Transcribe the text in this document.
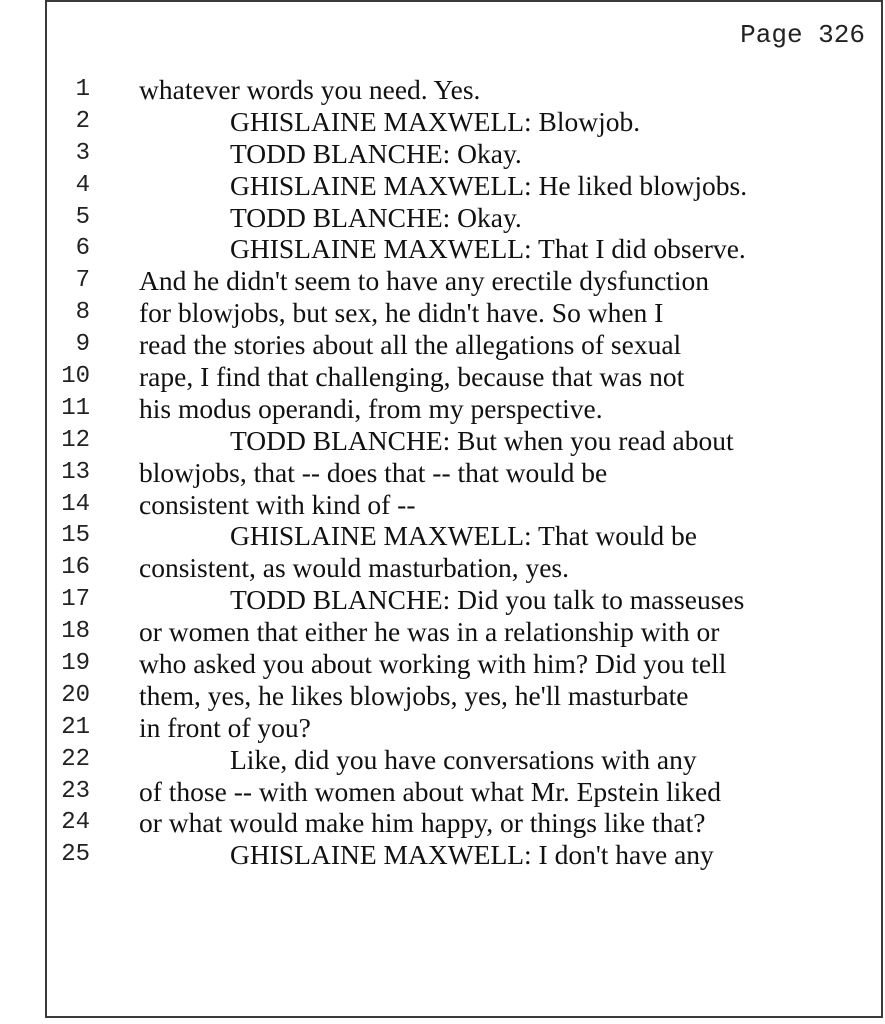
Page 326
1 whatever words you need. Yes.
2	GHISLAINE MAXWELL: Blowjob.
3	TODD BLANCHE: Okay.
4	GHISLAINE MAXWELL: He liked blowjobs.
5	TODD BLANCHE: Okay.
6	GHISLAINE MAXWELL: That I did observe.
7 And he didn't seem to have any erectile dysfunction
8 for blowjobs, but sex, he didn't have. So when I
9 read the stories about all the allegations of sexual
10 rape, I find that challenging, because that was not
11 his modus operandi, from my perspective.
12	TODD BLANCHE: But when you read about
13 blowjobs, that -- does that -- that would be
14 consistent with kind of --
15	GHISLAINE MAXWELL: That would be
16 consistent, as would masturbation, yes.
17	TODD BLANCHE: Did you talk to masseuses
18 or women that either he was in a relationship with or
19 who asked you about working with him? Did you tell
20 them, yes, he likes blowjobs, yes, he'll masturbate
21 in front of you?
22	Like, did you have conversations with any
23 of those -- with women about what Mr. Epstein liked
24 or what would make him happy, or things like that?
25	GHISLAINE MAXWELL: I don't have any
